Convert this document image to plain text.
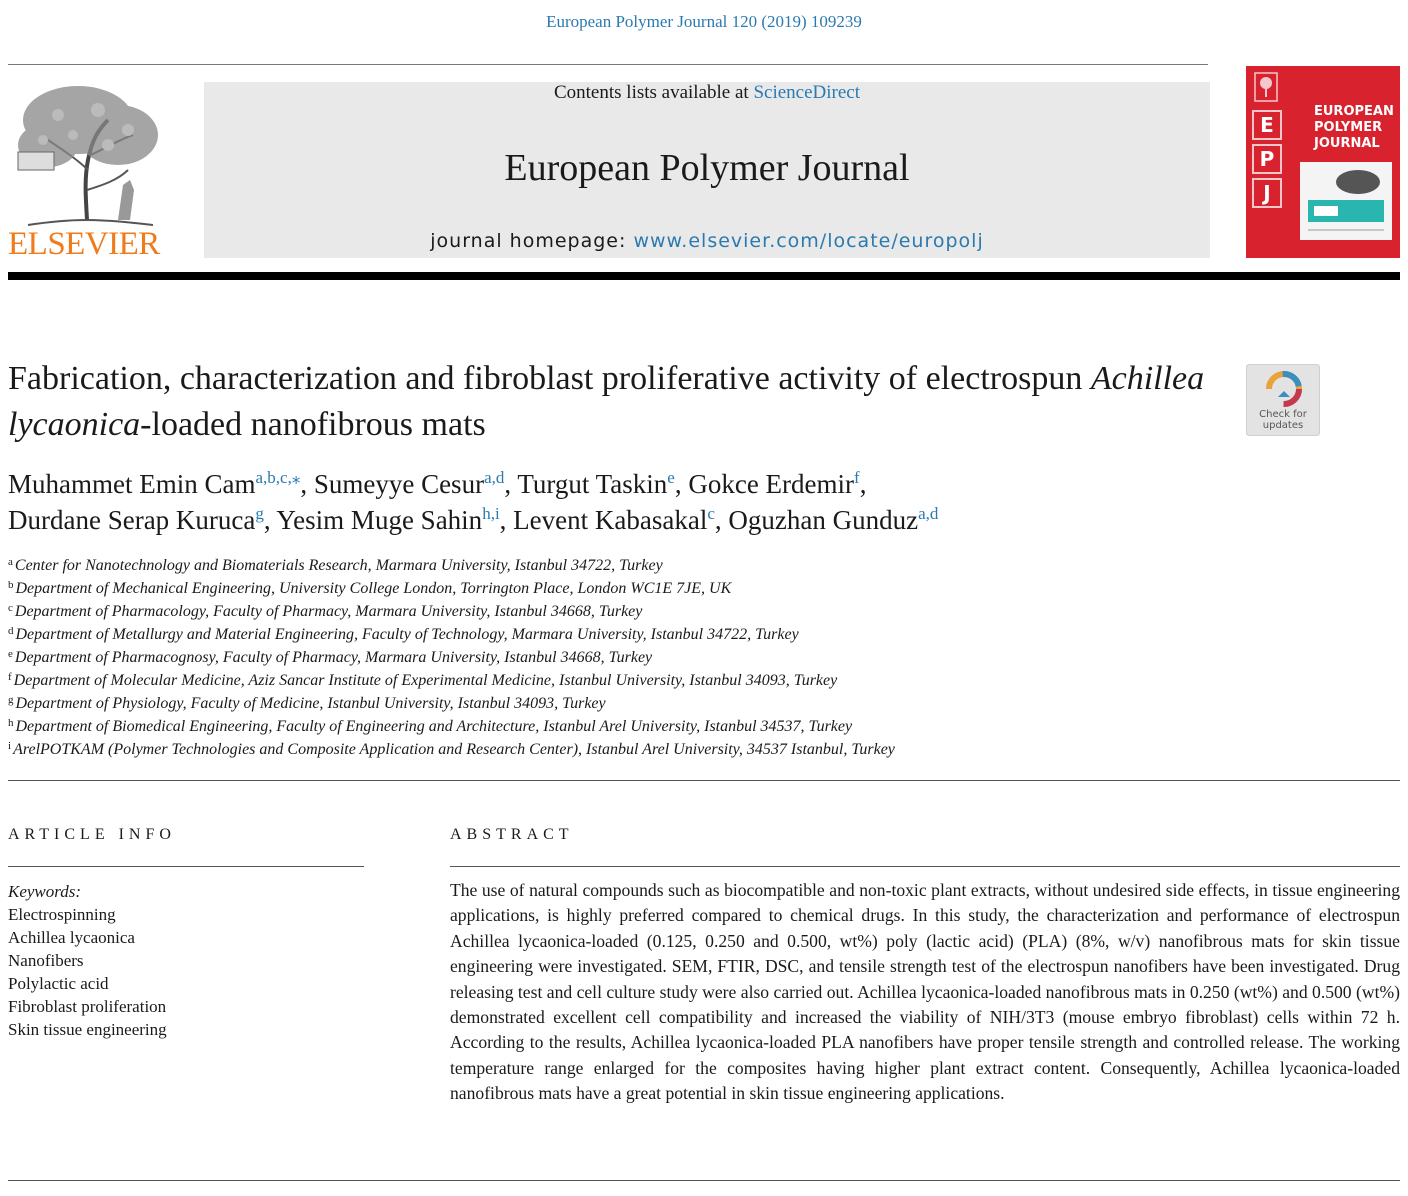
European Polymer Journal 120 (2019) 109239
ELSEVIER
Contents lists available at ScienceDirect
European Polymer Journal
journal homepage: www.elsevier.com/locate/europolj
E
P
J
EUROPEAN
POLYMER
JOURNAL
Fabrication, characterization and fibroblast proliferative activity of electrospun Achillea lycaonica-loaded nanofibrous mats	Check for
updates
Muhammet Emin Cam$^{a,b,c,⁎}$, Sumeyye Cesur$^{a,d}$, Turgut Taskin$^e$, Gokce Erdemir$^f$,
Durdane Serap Kuruca$^g$, Yesim Muge Sahin$^{h,i}$, Levent Kabasakal$^c$, Oguzhan Gunduz$^{a,d}$
$^a$ Center for Nanotechnology and Biomaterials Research, Marmara University, Istanbul 34722, Turkey
$^b$ Department of Mechanical Engineering, University College London, Torrington Place, London WC1E 7JE, UK
$^c$ Department of Pharmacology, Faculty of Pharmacy, Marmara University, Istanbul 34668, Turkey
$^d$ Department of Metallurgy and Material Engineering, Faculty of Technology, Marmara University, Istanbul 34722, Turkey
$^e$ Department of Pharmacognosy, Faculty of Pharmacy, Marmara University, Istanbul 34668, Turkey
$^f$ Department of Molecular Medicine, Aziz Sancar Institute of Experimental Medicine, Istanbul University, Istanbul 34093, Turkey
$^g$ Department of Physiology, Faculty of Medicine, Istanbul University, Istanbul 34093, Turkey
$^h$ Department of Biomedical Engineering, Faculty of Engineering and Architecture, Istanbul Arel University, Istanbul 34537, Turkey
$^i$ ArelPOTKAM (Polymer Technologies and Composite Application and Research Center), Istanbul Arel University, 34537 Istanbul, Turkey
ARTICLE INFO
Keywords:
Electrospinning
Achillea lycaonica
Nanofibers
Polylactic acid
Fibroblast proliferation
Skin tissue engineering
ABSTRACT
The use of natural compounds such as biocompatible and non-toxic plant extracts, without undesired side effects, in tissue engineering applications, is highly preferred compared to chemical drugs. In this study, the characterization and performance of electrospun Achillea lycaonica-loaded (0.125, 0.250 and 0.500, wt%) poly (lactic acid) (PLA) (8%, w/v) nanofibrous mats for skin tissue engineering were investigated. SEM, FTIR, DSC, and tensile strength test of the electrospun nanofibers have been investigated. Drug releasing test and cell culture study were also carried out. Achillea lycaonica-loaded nanofibrous mats in 0.250 (wt%) and 0.500 (wt%) demonstrated excellent cell compatibility and increased the viability of NIH/3T3 (mouse embryo fibroblast) cells within 72 h. According to the results, Achillea lycaonica-loaded PLA nanofibers have proper tensile strength and controlled release. The working temperature range enlarged for the composites having higher plant extract content. Consequently, Achillea lycaonica-loaded nanofibrous mats have a great potential in skin tissue engineering applications.
